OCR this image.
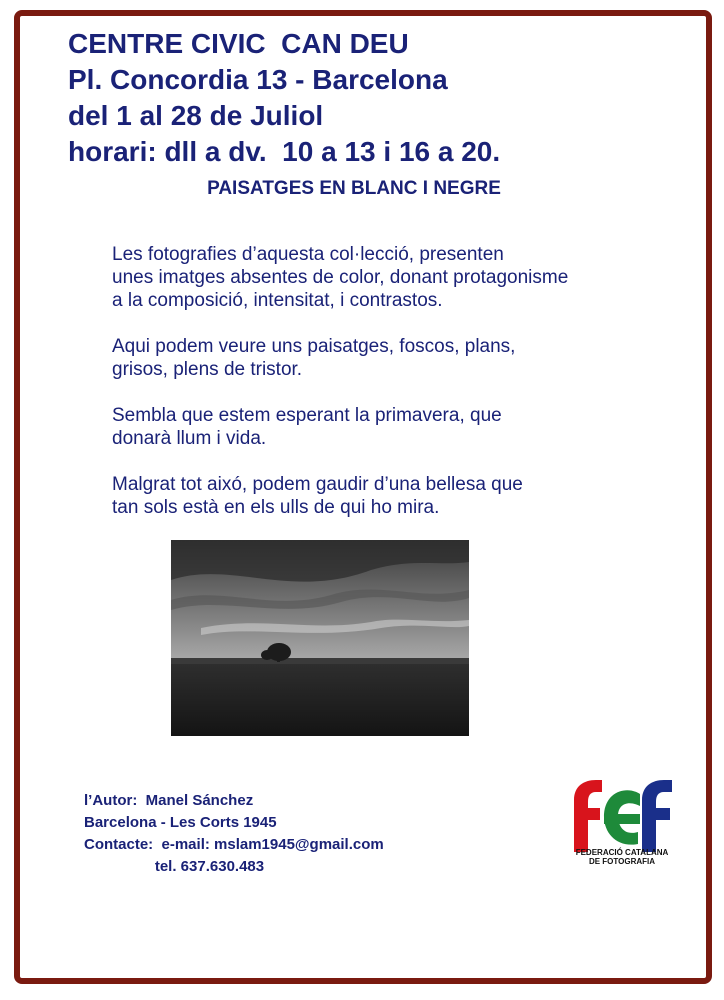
CENTRE CIVIC  CAN DEU
Pl. Concordia 13 - Barcelona
del 1 al 28 de Juliol
horari: dll a dv.  10 a 13 i 16 a 20.
PAISATGES EN BLANC I NEGRE

Les fotografies d’aquesta col·lecció, presenten
unes imatges absentes de color, donant protagonisme
a la composició, intensitat, i contrastos.

Aqui podem veure uns paisatges, foscos, plans,
grisos, plens de tristor.

Sembla que estem esperant la primavera, que
donarà llum i vida.

Malgrat tot aixó, podem gaudir d’una bellesa que
tan sols està en els ulls de qui ho mira.

l’Autor:  Manel Sánchez
Barcelona - Les Corts 1945
Contacte:  e-mail: mslam1945@gmail.com
tel. 637.630.483
FEDERACIÓ CATALANA
DE FOTOGRAFIA
